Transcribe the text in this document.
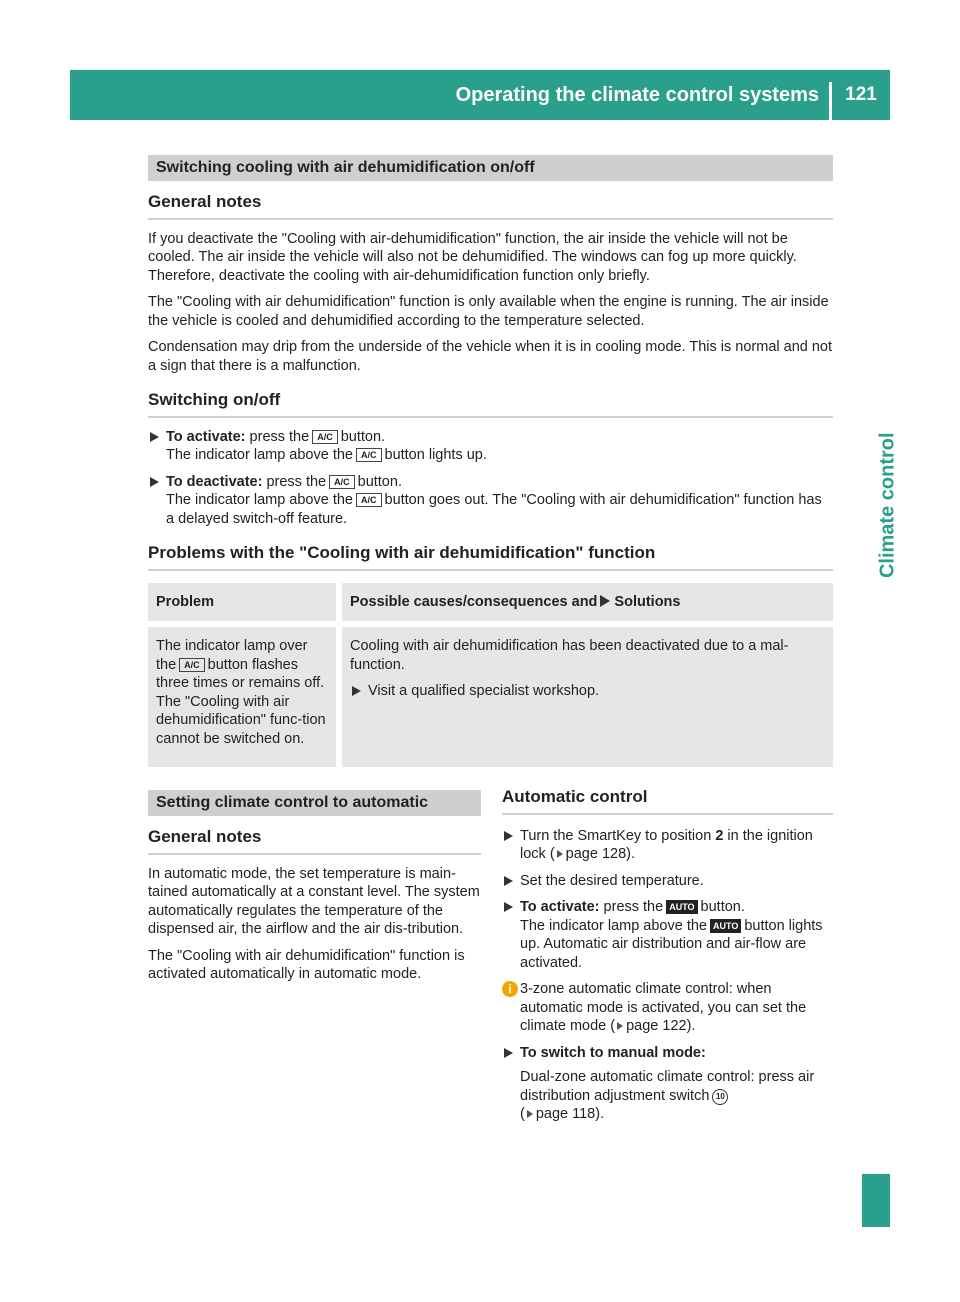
Operating the climate control systems	121
Climate control
Switching cooling with air dehumidification on/off
General notes

If you deactivate the "Cooling with air-dehumidification" function, the air inside the vehicle will not be cooled. The air inside the vehicle will also not be dehumidified. The windows can fog up more quickly. Therefore, deactivate the cooling with air-dehumidification function only briefly.

The "Cooling with air dehumidification" function is only available when the engine is running. The air inside the vehicle is cooled and dehumidified according to the temperature selected.

Condensation may drip from the underside of the vehicle when it is in cooling mode. This is normal and not a sign that there is a malfunction.

Switching on/off
To activate: press the A/C button.
The indicator lamp above the A/C button lights up.
To deactivate: press the A/C button.
The indicator lamp above the A/C button goes out. The "Cooling with air dehumidification" function has a delayed switch-off feature.
Problems with the "Cooling with air dehumidification" function
Problem	Possible causes/consequences and Solutions
The indicator lamp over the A/C button flashes three times or remains off. The "Cooling with air dehumidification" func-tion cannot be switched on.	Cooling with air dehumidification has been deactivated due to a mal-function.

Visit a qualified specialist workshop.
Setting climate control to automatic
General notes

In automatic mode, the set temperature is main-tained automatically at a constant level. The system automatically regulates the temperature of the dispensed air, the airflow and the air dis-tribution.

The "Cooling with air dehumidification" function is activated automatically in automatic mode.

Automatic control
Turn the SmartKey to position 2 in the ignition lock ( page 128).
Set the desired temperature.
To activate: press the AUTO button.
The indicator lamp above the AUTO button lights up. Automatic air distribution and air-flow are activated.
i 3-zone automatic climate control: when automatic mode is activated, you can set the climate mode ( page 122).
To switch to manual mode:
Dual-zone automatic climate control: press air distribution adjustment switch 10
( page 118).
